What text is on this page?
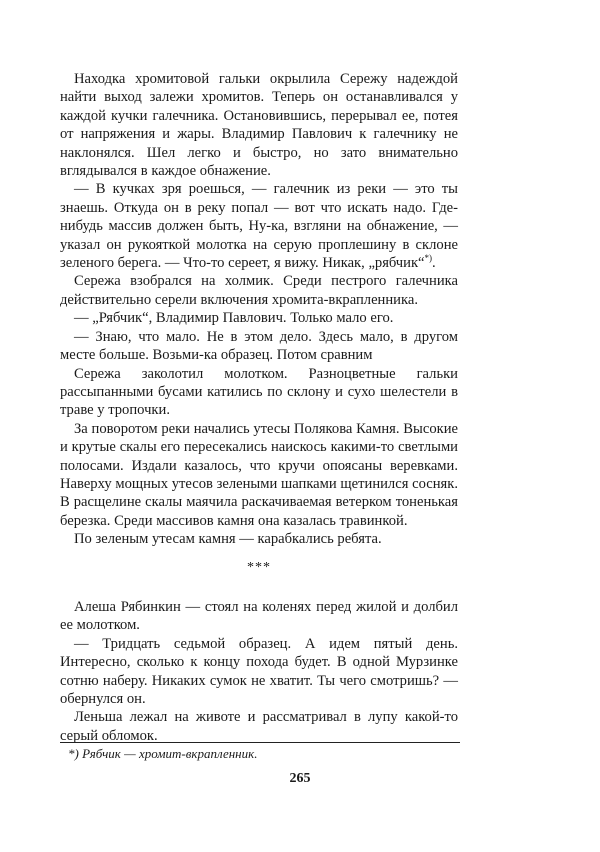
Находка хромитовой гальки окрылила Сережу надеждой найти выход залежи хромитов. Теперь он останавливался у каждой кучки галечника. Остановившись, перерывал ее, потея от напряжения и жары. Владимир Павлович к галечнику не наклонялся. Шел легко и быстро, но зато внимательно вглядывался в каждое обнажение.

— В кучках зря роешься, — галечник из реки — это ты знаешь. Откуда он в реку попал — вот что искать надо. Где-нибудь массив должен быть, Ну-ка, взгляни на обнажение, — указал он рукояткой молотка на серую проплешину в склоне зеленого берега. — Что-то сереет, я вижу. Никак, „рябчик“*).

Сережа взобрался на холмик. Среди пестрого галечника действительно серели включения хромита-вкрапленника.

— „Рябчик“, Владимир Павлович. Только мало его.

— Знаю, что мало. Не в этом дело. Здесь мало, в другом месте больше. Возьми-ка образец. Потом сравним

Сережа заколотил молотком. Разноцветные гальки рассыпанными бусами катились по склону и сухо шелестели в траве у тропочки.

За поворотом реки начались утесы Полякова Камня. Высокие и крутые скалы его пересекались наискось какими-то светлыми полосами. Издали казалось, что кручи опоясаны веревками. Наверху мощных утесов зелеными шапками щетинился сосняк. В расщелине скалы маячила раскачиваемая ветерком тоненькая березка. Среди массивов камня она казалась травинкой.

По зеленым утесам камня — карабкались ребята.

***

Алеша Рябинкин — стоял на коленях перед жилой и долбил ее молотком.

— Тридцать седьмой образец. А идем пятый день. Интересно, сколько к концу похода будет. В одной Мурзинке сотню наберу. Никаких сумок не хватит. Ты чего смотришь? — обернулся он.

Леньша лежал на животе и рассматривал в лупу какой-то серый обломок.

*) Рябчик — хромит-вкрапленник.
265
